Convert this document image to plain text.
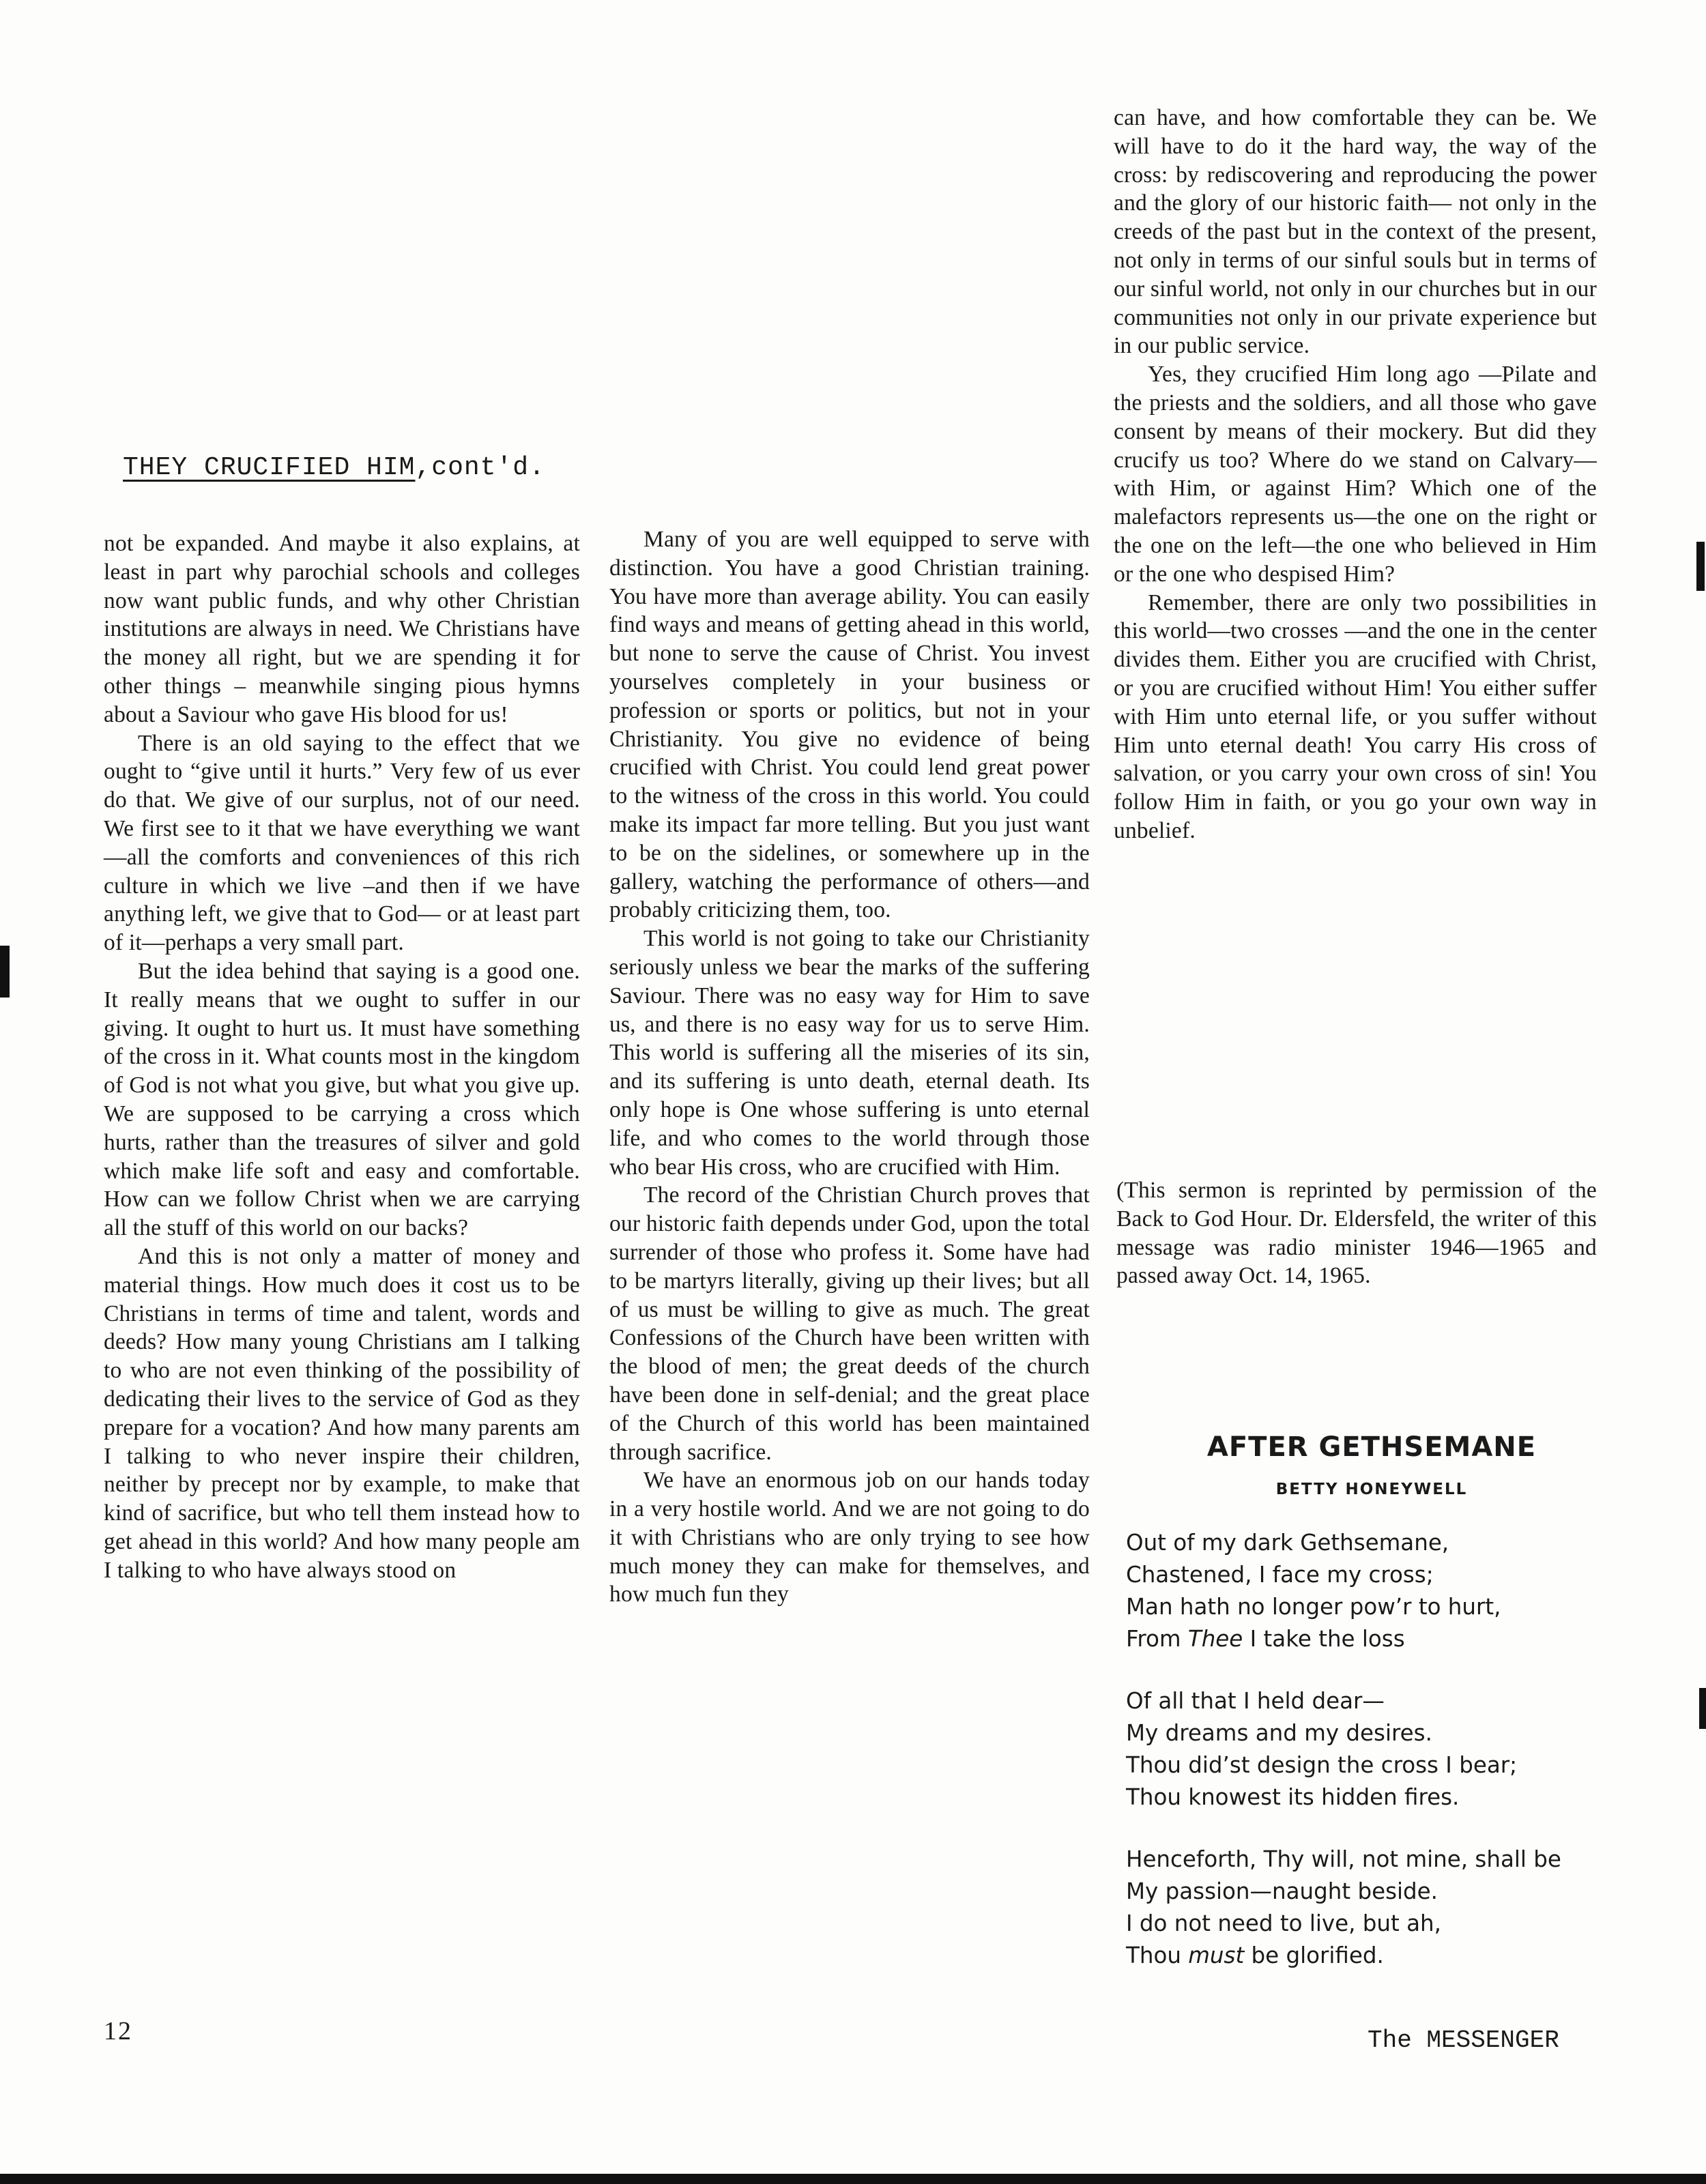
THEY CRUCIFIED HIM,cont'd.

not be expanded. And maybe it also explains, at least in part why parochial schools and colleges now want public funds, and why other Christian institutions are always in need. We Christians have the money all right, but we are spending it for other things – meanwhile singing pious hymns about a Saviour who gave His blood for us!

There is an old saying to the effect that we ought to “give until it hurts.” Very few of us ever do that. We give of our surplus, not of our need. We first see to it that we have everything we want—all the comforts and conveniences of this rich culture in which we live –and then if we have anything left, we give that to God— or at least part of it—perhaps a very small part.

But the idea behind that saying is a good one. It really means that we ought to suffer in our giving. It ought to hurt us. It must have something of the cross in it. What counts most in the kingdom of God is not what you give, but what you give up. We are supposed to be carrying a cross which hurts, rather than the treasures of silver and gold which make life soft and easy and comfortable. How can we follow Christ when we are carrying all the stuff of this world on our backs?

And this is not only a matter of money and material things. How much does it cost us to be Christians in terms of time and talent, words and deeds? How many young Christians am I talking to who are not even thinking of the possibility of dedicating their lives to the service of God as they prepare for a vocation? And how many parents am I talking to who never inspire their children, neither by precept nor by example, to make that kind of sacrifice, but who tell them instead how to get ahead in this world? And how many people am I talking to who have always stood on

Many of you are well equipped to serve with distinction. You have a good Christian training. You have more than average ability. You can easily find ways and means of getting ahead in this world, but none to serve the cause of Christ. You invest yourselves completely in your business or profession or sports or politics, but not in your Christianity. You give no evidence of being crucified with Christ. You could lend great power to the witness of the cross in this world. You could make its impact far more telling. But you just want to be on the sidelines, or somewhere up in the gallery, watching the performance of others—and probably criticizing them, too.

This world is not going to take our Christianity seriously unless we bear the marks of the suffering Saviour. There was no easy way for Him to save us, and there is no easy way for us to serve Him. This world is suffering all the miseries of its sin, and its suffering is unto death, eternal death. Its only hope is One whose suffering is unto eternal life, and who comes to the world through those who bear His cross, who are crucified with Him.

The record of the Christian Church proves that our historic faith depends under God, upon the total surrender of those who profess it. Some have had to be martyrs literally, giving up their lives; but all of us must be willing to give as much. The great Confessions of the Church have been written with the blood of men; the great deeds of the church have been done in self-denial; and the great place of the Church of this world has been maintained through sacrifice.

We have an enormous job on our hands today in a very hostile world. And we are not going to do it with Christians who are only trying to see how much money they can make for themselves, and how much fun they

can have, and how comfortable they can be. We will have to do it the hard way, the way of the cross: by rediscovering and reproducing the power and the glory of our historic faith— not only in the creeds of the past but in the context of the present, not only in terms of our sinful souls but in terms of our sinful world, not only in our churches but in our communities not only in our private experience but in our public service.

Yes, they crucified Him long ago —Pilate and the priests and the soldiers, and all those who gave consent by means of their mockery. But did they crucify us too? Where do we stand on Calvary—with Him, or against Him? Which one of the malefactors represents us—the one on the right or the one on the left—the one who believed in Him or the one who despised Him?

Remember, there are only two possibilities in this world—two crosses —and the one in the center divides them. Either you are crucified with Christ, or you are crucified without Him! You either suffer with Him unto eternal life, or you suffer without Him unto eternal death! You carry His cross of salvation, or you carry your own cross of sin! You follow Him in faith, or you go your own way in unbelief.

(This sermon is reprinted by permission of the Back to God Hour. Dr. Eldersfeld, the writer of this message was radio minister 1946—1965 and passed away Oct. 14, 1965.

AFTER GETHSEMANE
BETTY HONEYWELL
Out of my dark Gethsemane,
Chastened, I face my cross;
Man hath no longer pow’r to hurt,
From Thee I take the loss
Of all that I held dear—
My dreams and my desires.
Thou did’st design the cross I bear;
Thou knowest its hidden fires.
Henceforth, Thy will, not mine, shall be
My passion—naught beside.
I do not need to live, but ah,
Thou must be glorified.
12	The MESSENGER
